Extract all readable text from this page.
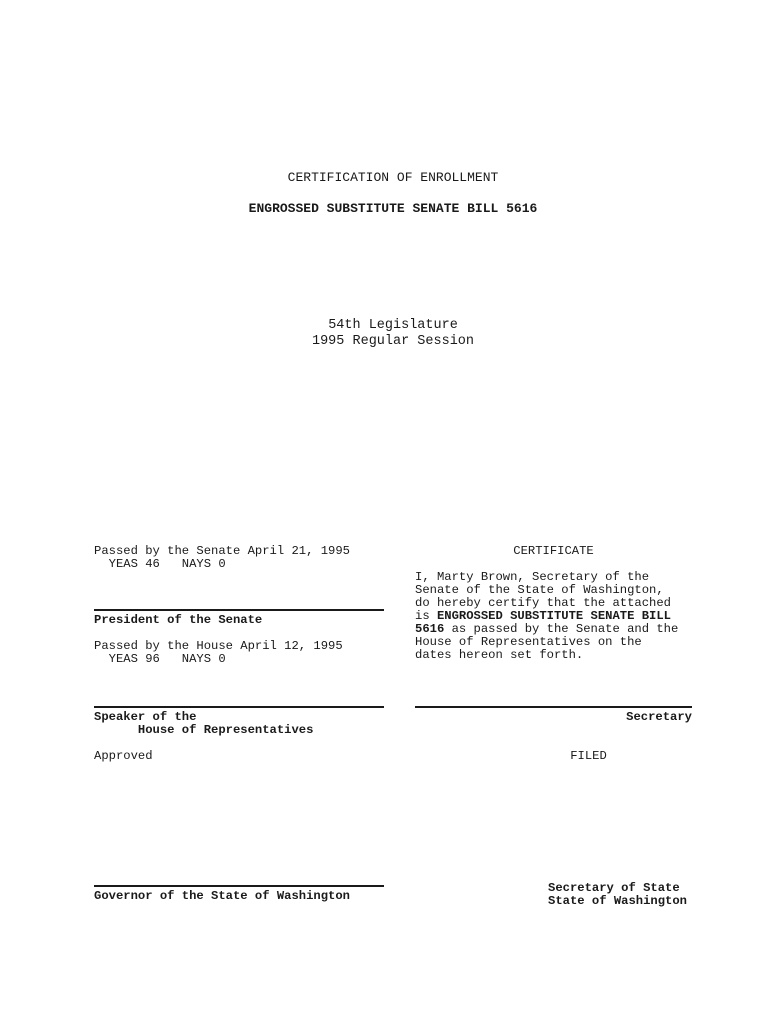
CERTIFICATION OF ENROLLMENT
ENGROSSED SUBSTITUTE SENATE BILL 5616
54th Legislature
1995 Regular Session
Passed by the Senate April 21, 1995
YEAS 46   NAYS 0
President of the Senate
Passed by the House April 12, 1995
YEAS 96   NAYS 0
Speaker of the
House of Representatives
Approved
Governor of the State of Washington
CERTIFICATE
I, Marty Brown, Secretary of the
Senate of the State of Washington,
do hereby certify that the attached
is ENGROSSED SUBSTITUTE SENATE BILL
5616 as passed by the Senate and the
House of Representatives on the
dates hereon set forth.
Secretary
FILED
Secretary of State
State of Washington
